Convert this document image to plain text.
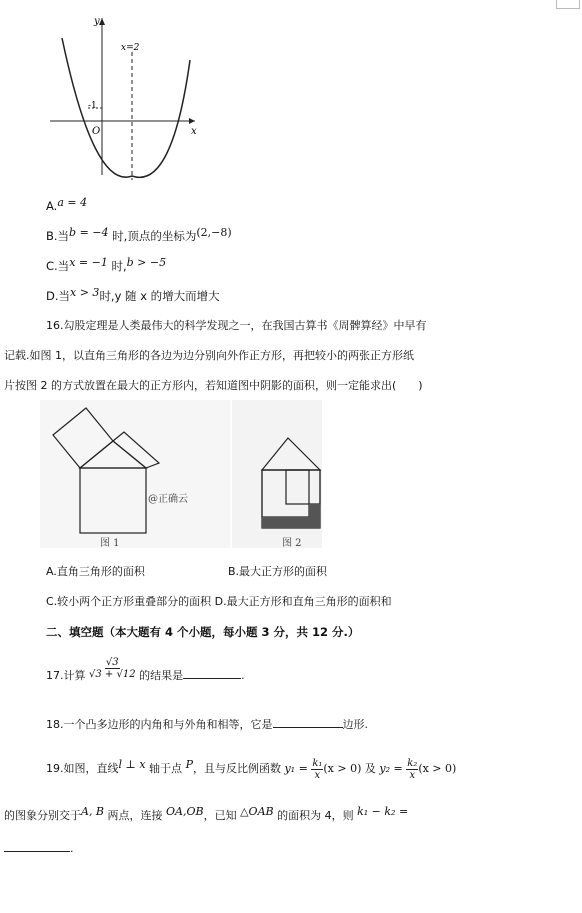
y
x
x=2
-1
O
A.a = 4
B.当b = −4 时,顶点的坐标为(2,−8)
C.当x = −1 时,b > −5
D.当x > 3时,y 随 x 的增大而增大
16.勾股定理是人类最伟大的科学发现之一，在我国古算书《周髀算经》中早有
记载.如图 1，以直角三角形的各边为边分别向外作正方形，再把较小的两张正方形纸
片按图 2 的方式放置在最大的正方形内，若知道图中阴影的面积，则一定能求出(　　)
@正确云
图 1	图 2
A.直角三角形的面积	B.最大正方形的面积
C.较小两个正方形重叠部分的面积 D.最大正方形和直角三角形的面积和
二、填空题（本大题有 4 个小题，每小题 3 分，共 12 分.）
17.计算 $\frac{√3}{√3 + √12}$ 的结果是	.
18.一个凸多边形的内角和与外角和相等，它是	边形.
19.如图，直线l ⊥ x 轴于点 P，且与反比例函数 $y_1 = \frac{\text{k₁}}{x} (x > 0)$ 及 $y_2 = \frac{\text{k₂}}{x} (x > 0)$
的图象分别交于A, B 两点，连接 OA,OB，已知 △OAB 的面积为 4，则 k₁ − k₂ =
.
